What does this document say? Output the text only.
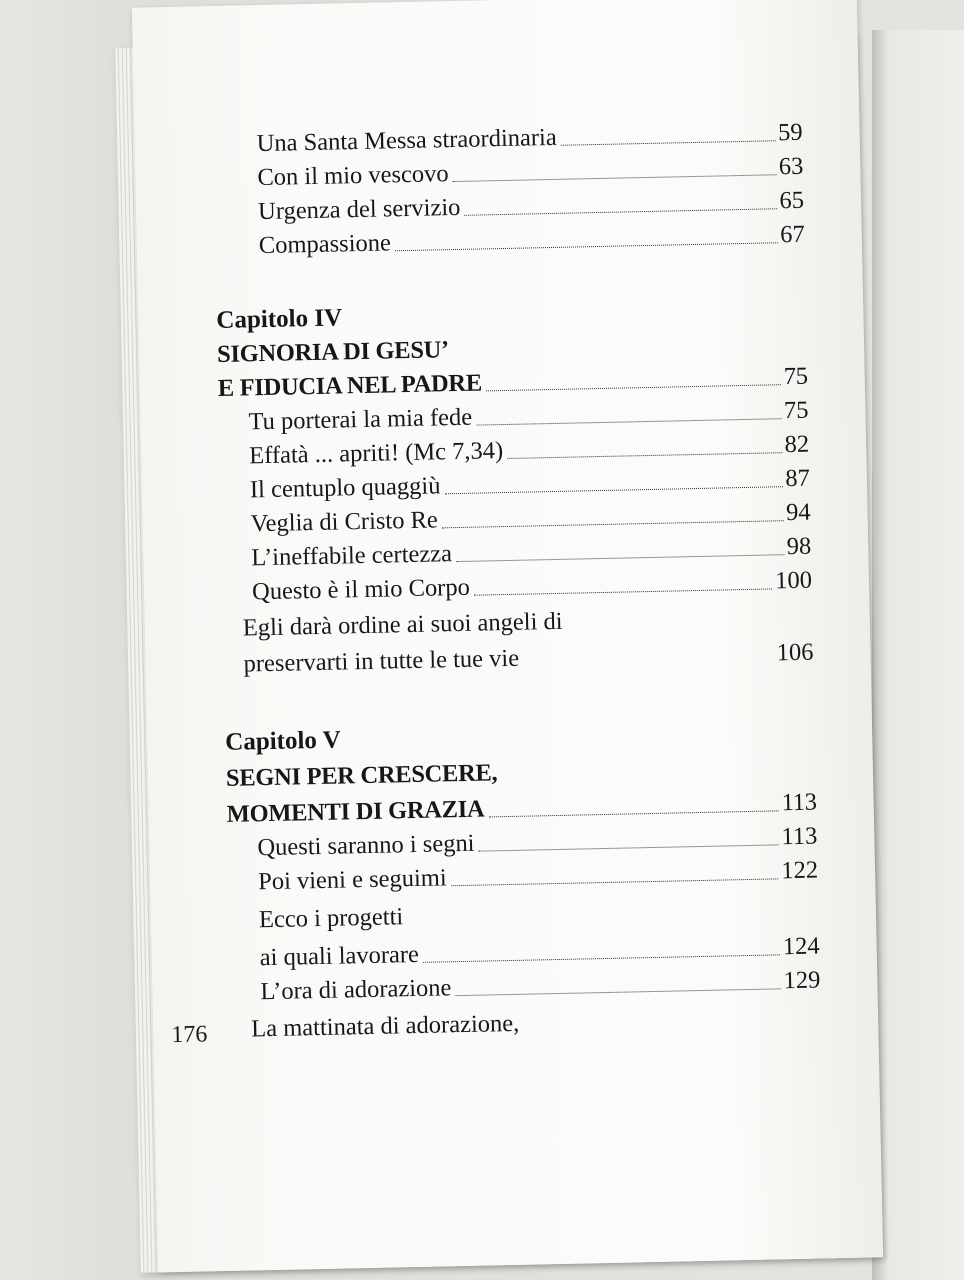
Una Santa Messa straordinaria	59
Con il mio vescovo	63
Urgenza del servizio	65
Compassione	67
Capitolo IV
SIGNORIA DI GESU’
E FIDUCIA NEL PADRE	75
Tu porterai la mia fede	75
Effatà ... apriti! (Mc 7,34)	82
Il centuplo quaggiù	87
Veglia di Cristo Re	94
L’ineffabile certezza	98
Questo è il mio Corpo	100
Egli darà ordine ai suoi angeli di
preservarti in tutte le tue vie	106
Capitolo V
SEGNI PER CRESCERE,
MOMENTI DI GRAZIA	113
Questi saranno i segni	113
Poi vieni e seguimi	122
Ecco i progetti
ai quali lavorare	124
L’ora di adorazione	129
La mattinata di adorazione,
176
